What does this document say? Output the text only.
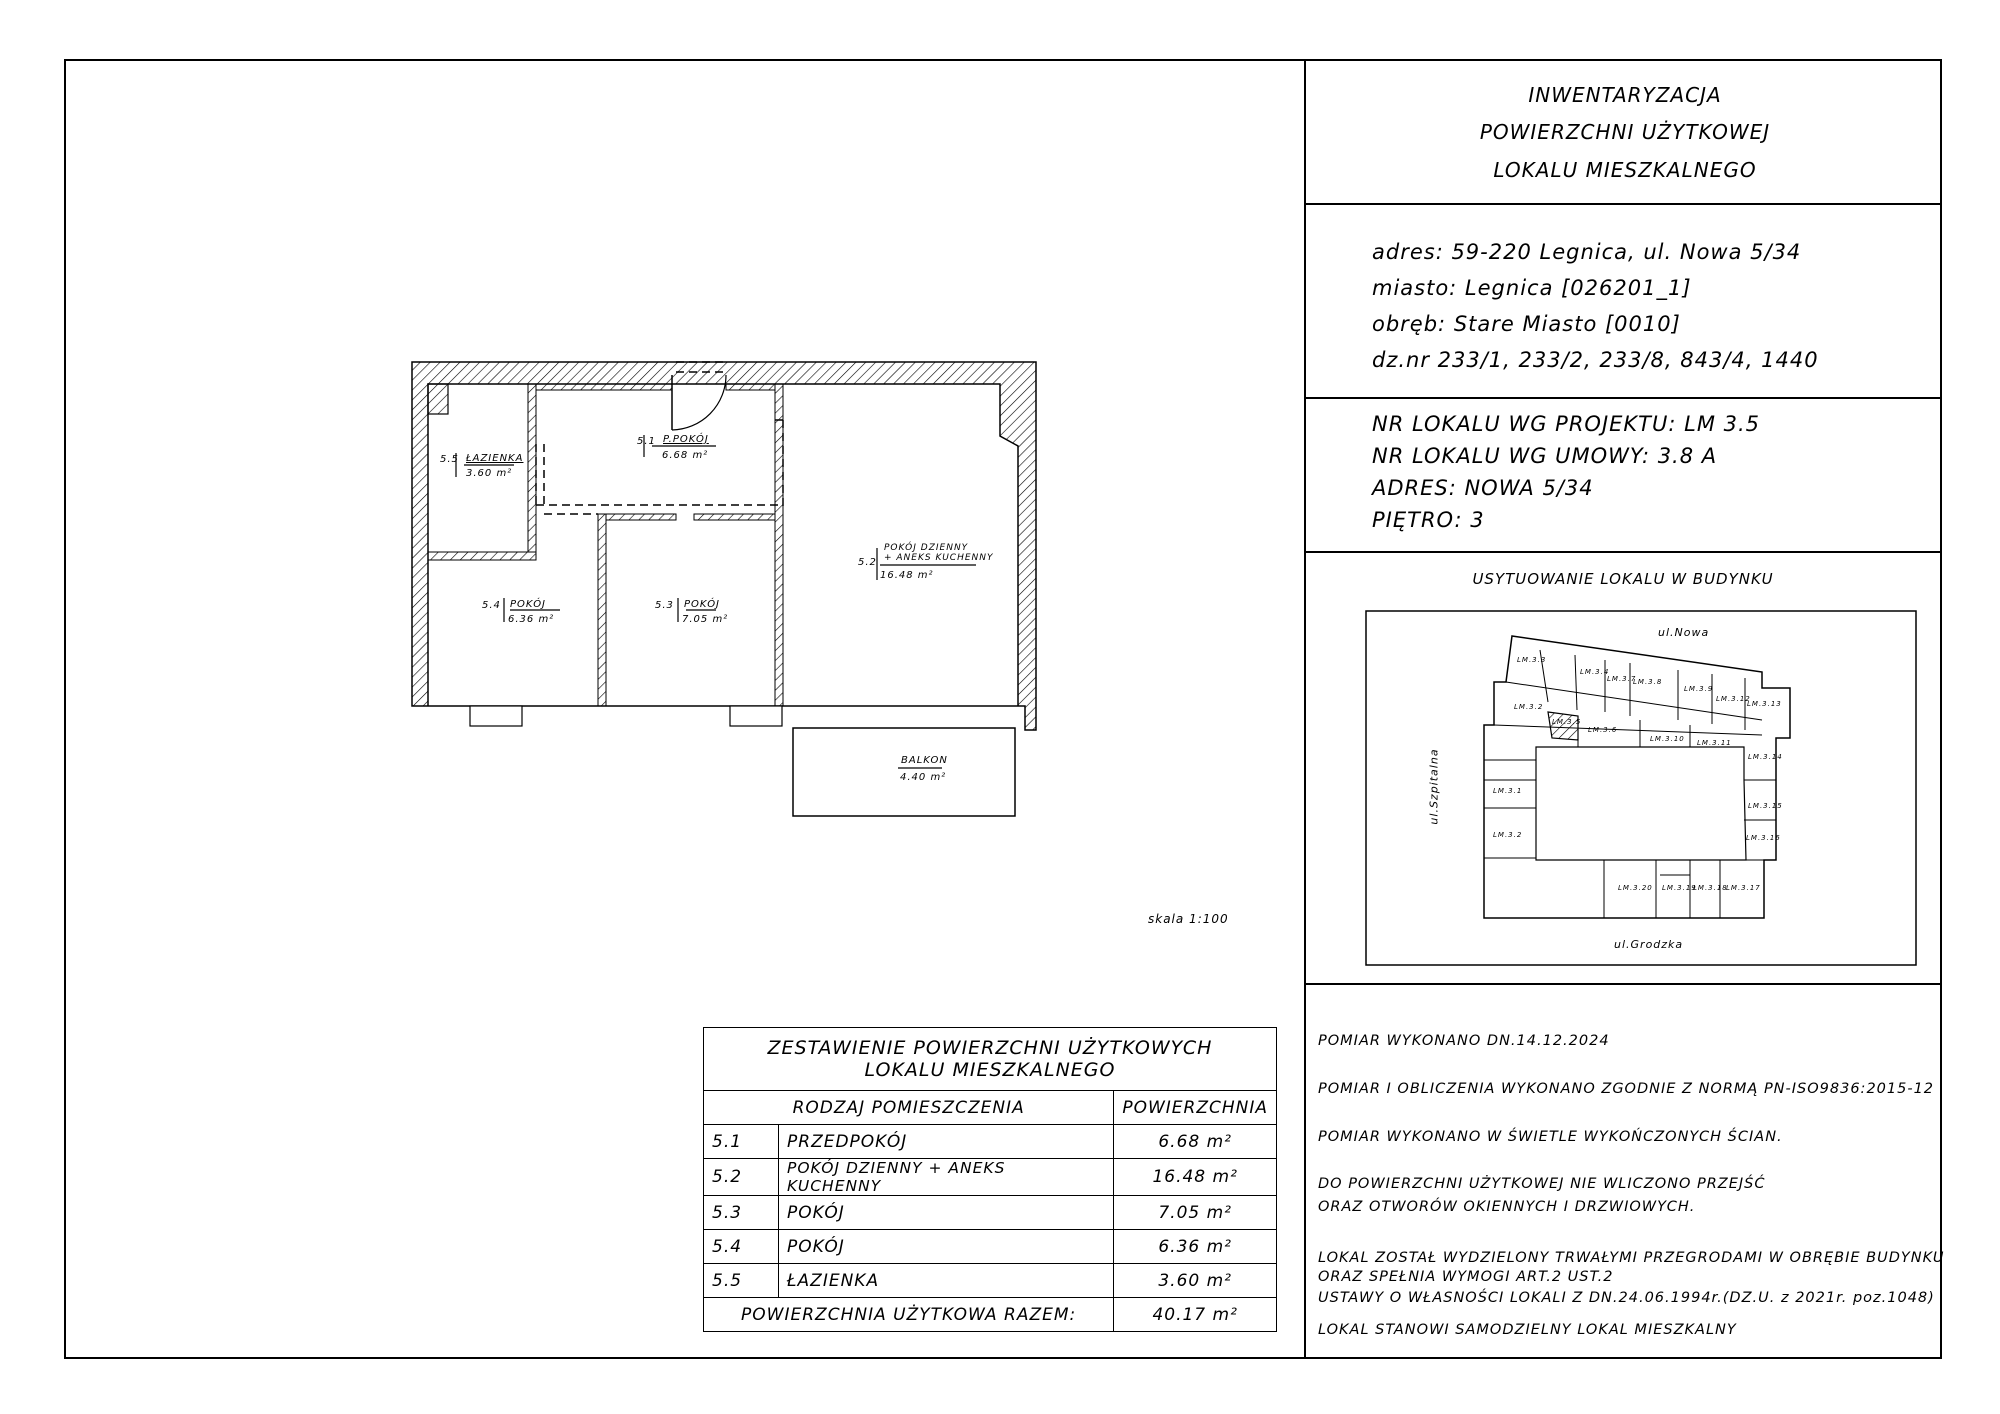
INWENTARYZACJA
POWIERZCHNI UŻYTKOWEJ
LOKALU MIESZKALNEGO
adres: 59-220 Legnica, ul. Nowa 5/34
miasto: Legnica [026201_1]
obręb: Stare Miasto [0010]
dz.nr 233/1, 233/2, 233/8, 843/4, 1440
NR LOKALU WG PROJEKTU: LM 3.5
NR LOKALU WG UMOWY: 3.8 A
ADRES: NOWA 5/34
PIĘTRO: 3
USYTUOWANIE LOKALU W BUDYNKU
ul.Nowa
ul.Szpitalna
ul.Grodzka
LM.3.3
LM.3.4
LM.3.7
LM.3.8
LM.3.9
LM.3.12
LM.3.13
LM.3.2
LM.3.5
LM.3.6
LM.3.10 LM.3.11
LM.3.14
LM.3.1
LM.3.15
LM.3.2	LM.3.16
LM.3.20 LM.3.19
LM.3.18
LM.3.17
POMIAR WYKONANO DN.14.12.2024
POMIAR I OBLICZENIA WYKONANO ZGODNIE Z NORMĄ PN-ISO9836:2015-12
POMIAR WYKONANO W ŚWIETLE WYKOŃCZONYCH ŚCIAN.
DO POWIERZCHNI UŻYTKOWEJ NIE WLICZONO PRZEJŚĆ
ORAZ OTWORÓW OKIENNYCH I DRZWIOWYCH.
LOKAL ZOSTAŁ WYDZIELONY TRWAŁYMI PRZEGRODAMI W OBRĘBIE BUDYNKU
ORAZ SPEŁNIA WYMOGI ART.2 UST.2
USTAWY O WŁASNOŚCI LOKALI Z DN.24.06.1994r.(DZ.U. z 2021r. poz.1048)
LOKAL STANOWI SAMODZIELNY LOKAL MIESZKALNY
5.1 P.POKÓJ
6.68 m²
5.2
POKÓJ DZIENNY
+ ANEKS KUCHENNY
16.48 m²
5.3 POKÓJ
7.05 m²
5.4 POKÓJ
6.36 m²
5.5 ŁAZIENKA
3.60 m²
BALKON
4.40 m²
skala 1:100
ZESTAWIENIE POWIERZCHNI UŻYTKOWYCH
LOKALU MIESZKALNEGO		

RODZAJ POMIESZCZENIA		POWIERZCHNIA
5.1	PRZEDPOKÓJ	6.68 m²
5.2	POKÓJ DZIENNY + ANEKS KUCHENNY	16.48 m²
5.3	POKÓJ	7.05 m²
5.4	POKÓJ	6.36 m²
5.5	ŁAZIENKA	3.60 m²
POWIERZCHNIA UŻYTKOWA RAZEM:		40.17 m²
